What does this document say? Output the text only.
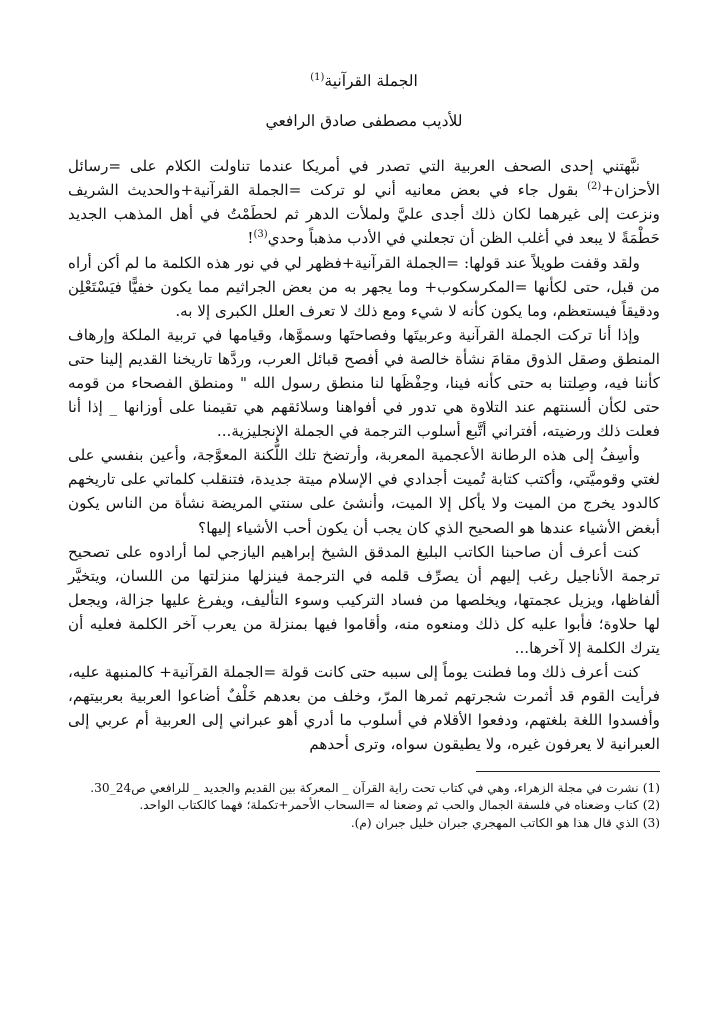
الجملة القرآنية$^{(1)}$
للأديب مصطفى صادق الرافعي

نبَّهتني إحدى الصحف العربية التي تصدر في أمريكا عندما تناولت الكلام على =رسائل الأحزان+$^{(2)}$ بقول جاء في بعض معانيه أني لو تركت =الجملة القرآنية+والحديث الشريف ونزعت إلى غيرهما لكان ذلك أجدى عليَّ ولملأت الدهر ثم لحطَمْتُ في أهل المذهب الجديد حَطْمَةً لا يبعد في أغلب الظن أن تجعلني في الأدب مذهباً وحدي$^{(3)}$!

ولقد وقفت طويلاً عند قولها: =الجملة القرآنية+فظهر لي في نور هذه الكلمة ما لم أكن أراه من قبل، حتى لكأنها =المكرسكوب+ وما يجهر به من بعض الجراثيم مما يكون خفيًّا فيَسْتَعْلِن ودقيقاً فيستعظم، وما يكون كأنه لا شيء ومع ذلك لا تعرف العلل الكبرى إلا به.

وإذا أنا تركت الجملة القرآنية وعربيتَها وفصاحتَها وسموَّها، وقيامها في تربية الملكة وإرهاف المنطق وصقل الذوق مقامَ نشأة خالصة في أفصح قبائل العرب، وردَّها تاريخنا القديم إلينا حتى كأننا فيه، وصِلتنا به حتى كأنه فينا، وحِفْظَها لنا منطق رسول الله " ومنطق الفصحاء من قومه حتى لكأن ألسنتهم عند التلاوة هي تدور في أفواهنا وسلائقهم هي تقيمنا على أوزانها _ إذا أنا فعلت ذلك ورضيته، أفتراني أتَّبع أسلوب الترجمة في الجملة الإنجليزية...

وأسِفُ إلى هذه الرطانة الأعجمية المعربة، وأرتضخ تلك اللُّكنة المعوَّجة، وأعين بنفسي على لغتي وقوميَّتي، وأكتب كتابة تُميت أجدادي في الإسلام ميتة جديدة، فتنقلب كلماتي على تاريخهم كالدود يخرج من الميت ولا يأكل إلا الميت، وأنشئ على سنتي المريضة نشأة من الناس يكون أبغض الأشياء عندها هو الصحيح الذي كان يجب أن يكون أحب الأشياء إليها؟

كنت أعرف أن صاحبنا الكاتب البليغ المدقق الشيخ إبراهيم اليازجي لما أرادوه على تصحيح ترجمة الأناجيل رغب إليهم أن يصرِّف قلمه في الترجمة فينزلها منزلتها من اللسان، ويتخيَّر ألفاظها، ويزيل عجمتها، ويخلصها من فساد التركيب وسوء التأليف، ويفرغ عليها جزالة، ويجعل لها حلاوة؛ فأبوا عليه كل ذلك ومنعوه منه، وأقاموا فيها بمنزلة من يعرب آخر الكلمة فعليه أن يترك الكلمة إلا آخرها...

كنت أعرف ذلك وما فطنت يوماً إلى سببه حتى كانت قولة =الجملة القرآنية+ كالمنبهة عليه، فرأيت القوم قد أثمرت شجرتهم ثمرها المرّ، وخلف من بعدهم خَلْفٌ أضاعوا العربية بعربيتهم، وأفسدوا اللغة بلغتهم، ودفعوا الأقلام في أسلوب ما أدري أهو عبراني إلى العربية أم عربي إلى العبرانية لا يعرفون غيره، ولا يطيقون سواه، وترى أحدهم

(1)نشرت في مجلة الزهراء، وهي في كتاب تحت راية القرآن _ المعركة بين القديم والجديد _ للرافعي ص24_30.

(2)كتاب وضعناه في فلسفة الجمال والحب ثم وضعنا له =السحاب الأحمر+تكملة؛ فهما كالكتاب الواحد.

(3)الذي قال هذا هو الكاتب المهجري جبران خليل جبران (م).
